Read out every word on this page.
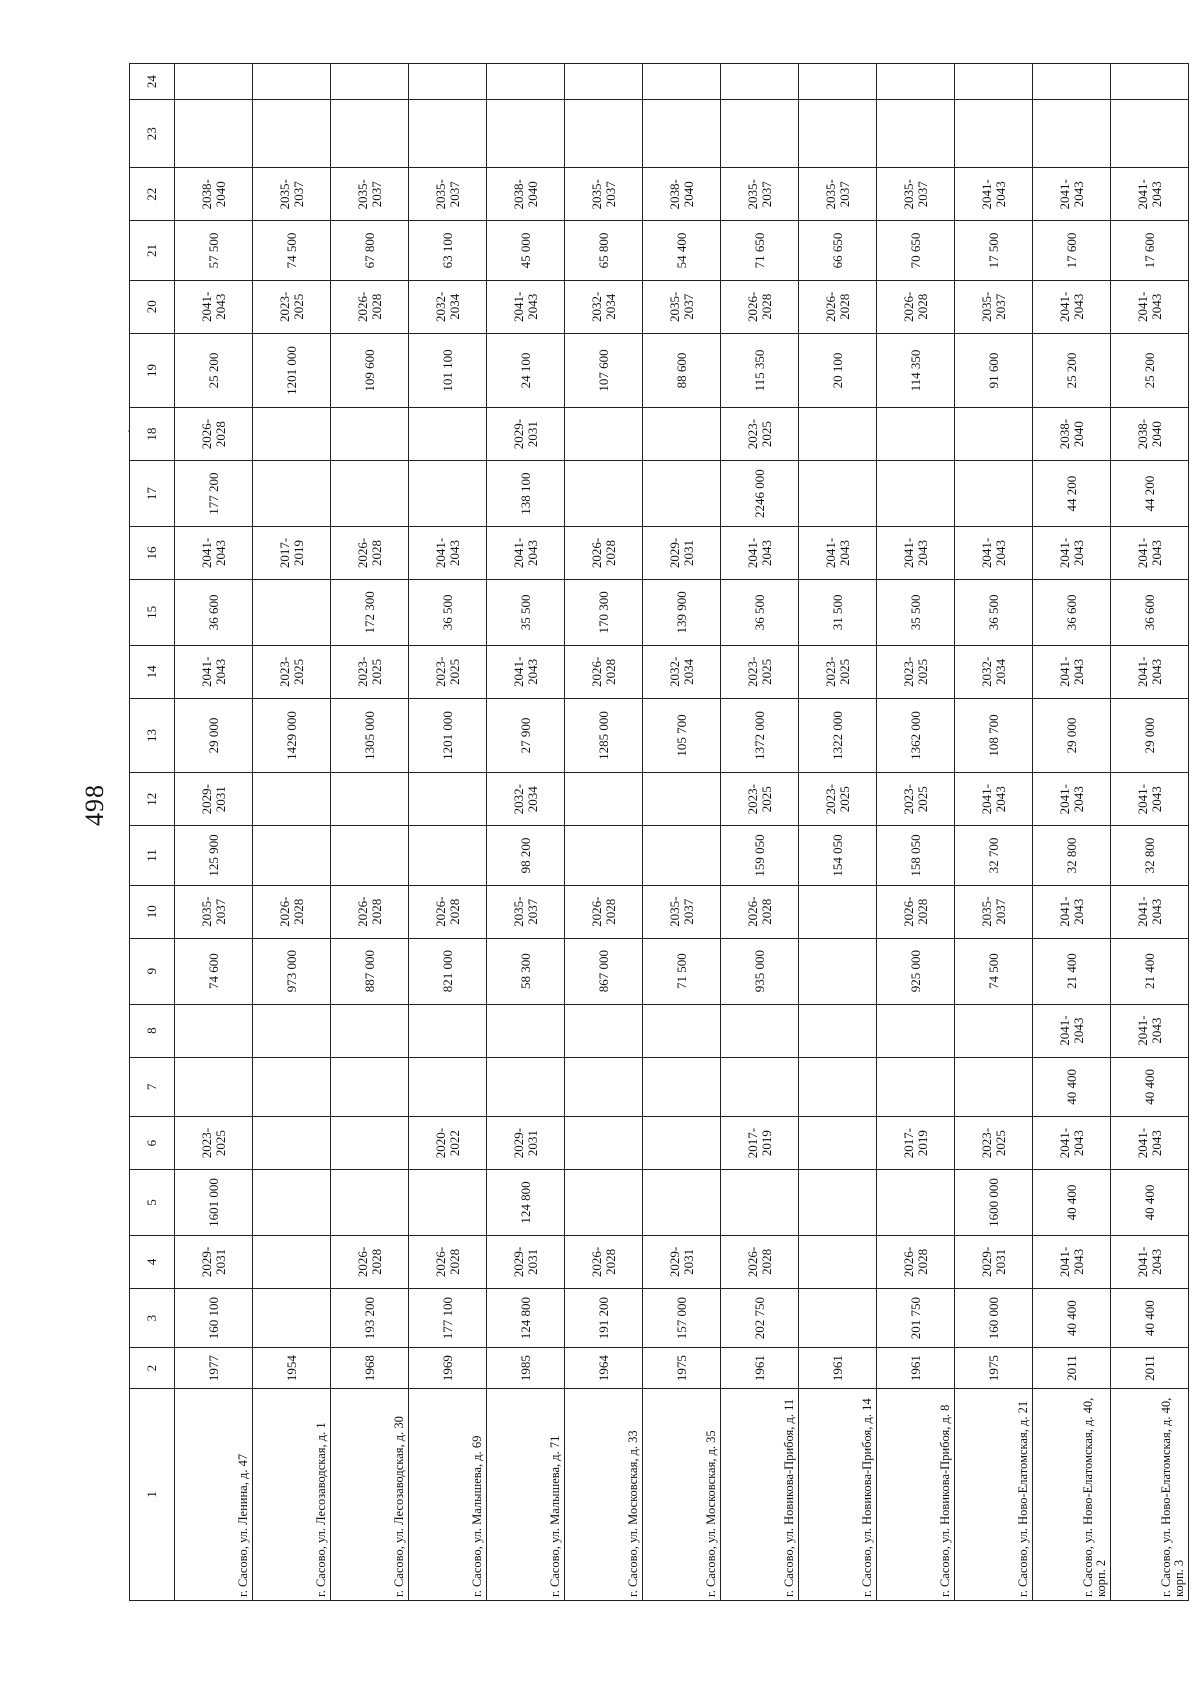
498
1	2	3	4	5	6	7	8	9	10	11	12	13	14	15	16	17	18	19	20	21	22	23	24
г. Сасово, ул. Ленина, д. 47	1977	160 100	2029-2031	1601 000	2023-2025			74 600	2035-2037	125 900	2029-2031	29 000	2041-2043	36 600	2041-2043	177 200	2026-2028	25 200	2041-2043	57 500	2038-2040		
г. Сасово, ул. Лесозаводская, д. 1	1954							973 000	2026-2028			1429 000	2023-2025		2017-2019			1201 000	2023-2025	74 500	2035-2037		
г. Сасово, ул. Лесозаводская, д. 30	1968	193 200	2026-2028					887 000	2026-2028			1305 000	2023-2025	172 300	2026-2028			109 600	2026-2028	67 800	2035-2037		
г. Сасово, ул. Малышева, д. 69	1969	177 100	2026-2028		2020-2022			821 000	2026-2028			1201 000	2023-2025	36 500	2041-2043			101 100	2032-2034	63 100	2035-2037		
г. Сасово, ул. Малышева, д. 71	1985	124 800	2029-2031	124 800	2029-2031			58 300	2035-2037	98 200	2032-2034	27 900	2041-2043	35 500	2041-2043	138 100	2029-2031	24 100	2041-2043	45 000	2038-2040		
г. Сасово, ул. Московская, д. 33	1964	191 200	2026-2028					867 000	2026-2028			1285 000	2026-2028	170 300	2026-2028			107 600	2032-2034	65 800	2035-2037		
г. Сасово, ул. Московская, д. 35	1975	157 000	2029-2031					71 500	2035-2037			105 700	2032-2034	139 900	2029-2031			88 600	2035-2037	54 400	2038-2040		
г. Сасово, ул. Новикова-Прибоя, д. 11	1961	202 750	2026-2028		2017-2019			935 000	2026-2028	159 050	2023-2025	1372 000	2023-2025	36 500	2041-2043	2246 000	2023-2025	115 350	2026-2028	71 650	2035-2037		
г. Сасово, ул. Новикова-Прибоя, д. 14	1961									154 050	2023-2025	1322 000	2023-2025	31 500	2041-2043			20 100	2026-2028	66 650	2035-2037		
г. Сасово, ул. Новикова-Прибоя, д. 8	1961	201 750	2026-2028		2017-2019			925 000	2026-2028	158 050	2023-2025	1362 000	2023-2025	35 500	2041-2043			114 350	2026-2028	70 650	2035-2037		
г. Сасово, ул. Ново-Елатомская, д. 21	1975	160 000	2029-2031	1600 000	2023-2025			74 500	2035-2037	32 700	2041-2043	108 700	2032-2034	36 500	2041-2043			91 600	2035-2037	17 500	2041-2043		
г. Сасово, ул. Ново-Елатомская, д. 40, корп. 2	2011	40 400	2041-2043	40 400	2041-2043	40 400	2041-2043	21 400	2041-2043	32 800	2041-2043	29 000	2041-2043	36 600	2041-2043	44 200	2038-2040	25 200	2041-2043	17 600	2041-2043		
г. Сасово, ул. Ново-Елатомская, д. 40, корп. 3	2011	40 400	2041-2043	40 400	2041-2043	40 400	2041-2043	21 400	2041-2043	32 800	2041-2043	29 000	2041-2043	36 600	2041-2043	44 200	2038-2040	25 200	2041-2043	17 600	2041-2043		
